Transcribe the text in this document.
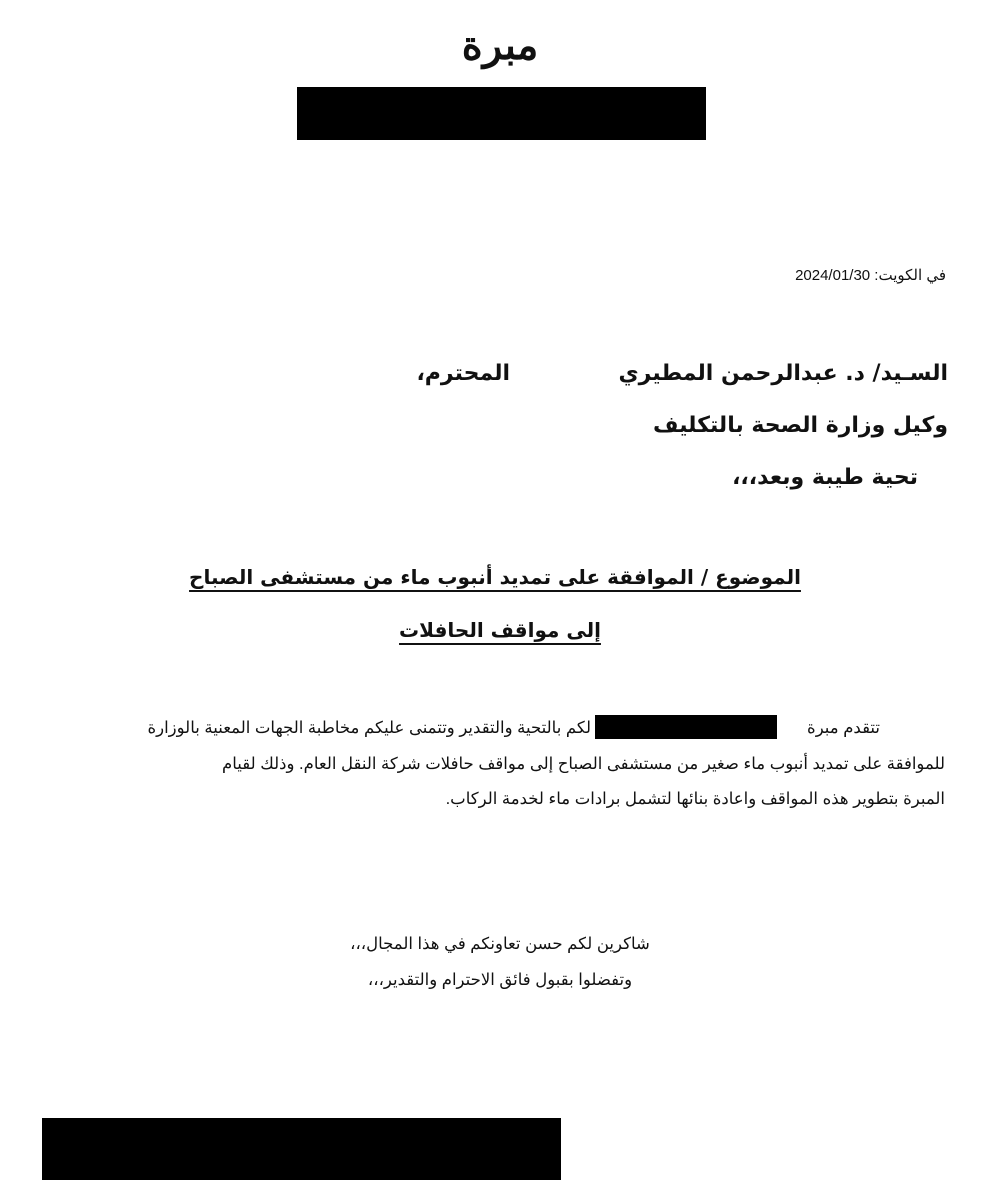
مبرة
في الكويت: 2024/01/30
السـيد/ د. عبدالرحمن المطيري
المحترم،
وكيل وزارة الصحة بالتكليف
تحية طيبة وبعد،،،
الموضوع / الموافقة على تمديد أنبوب ماء من مستشفى الصباح
إلى مواقف الحافلات
تتقدم مبرة
لكم بالتحية والتقدير وتتمنى عليكم مخاطبة الجهات المعنية بالوزارة
للموافقة على تمديد أنبوب ماء صغير من مستشفى الصباح إلى مواقف حافلات شركة النقل العام. وذلك لقيام
المبرة بتطوير هذه المواقف واعادة بنائها لتشمل برادات ماء لخدمة الركاب.
شاكرين لكم حسن تعاونكم في هذا المجال،،،
وتفضلوا بقبول فائق الاحترام والتقدير،،،
